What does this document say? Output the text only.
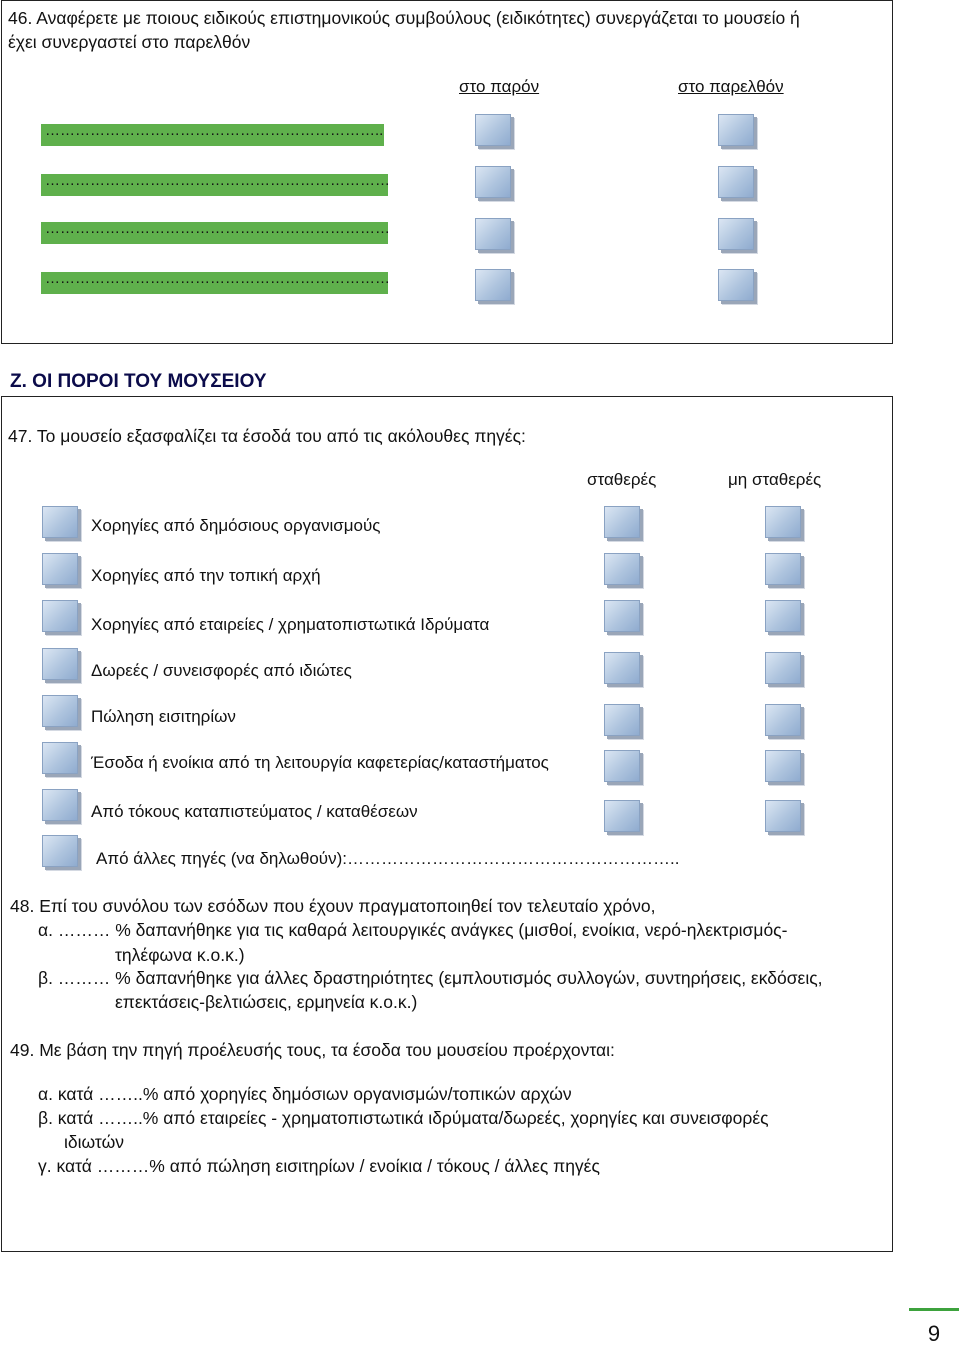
46. Αναφέρετε με ποιους ειδικούς επιστημονικούς συμβούλους (ειδικότητες) συνεργάζεται το μουσείο ή
έχει συνεργαστεί στο παρελθόν
στο παρόν	στο παρελθόν
…………………………………………………………..
……………………………………………………………
……………………………………………………………
……………………………………………………………
Ζ. ΟΙ ΠΟΡΟΙ ΤΟΥ ΜΟΥΣΕΙΟΥ
47. Το μουσείο εξασφαλίζει τα έσοδά του από τις ακόλουθες πηγές:
σταθερές	μη σταθερές
Χορηγίες από δημόσιους οργανισμούς
Χορηγίες από την τοπική αρχή
Χορηγίες από εταιρείες / χρηματοπιστωτικά Ιδρύματα
Δωρεές / συνεισφορές από ιδιώτες
Πώληση εισιτηρίων
Έσοδα ή ενοίκια από τη λειτουργία καφετερίας/καταστήματος
Από τόκους καταπιστεύματος / καταθέσεων
Από άλλες πηγές (να δηλωθούν):…………………………………………………..
48. Επί του συνόλου των εσόδων που έχουν πραγματοποιηθεί τον τελευταίο χρόνο,
α. ……… % δαπανήθηκε για τις καθαρά λειτουργικές ανάγκες (μισθοί, ενοίκια, νερό-ηλεκτρισμός-
τηλέφωνα κ.ο.κ.)
β. ……… % δαπανήθηκε για άλλες δραστηριότητες (εμπλουτισμός συλλογών, συντηρήσεις, εκδόσεις,
επεκτάσεις-βελτιώσεις, ερμηνεία κ.ο.κ.)
49. Με βάση την πηγή προέλευσής τους, τα έσοδα του μουσείου προέρχονται:
α. κατά ……..% από χορηγίες δημόσιων οργανισμών/τοπικών αρχών
β. κατά ……..% από εταιρείες - χρηματοπιστωτικά ιδρύματα/δωρεές, χορηγίες και συνεισφορές
ιδιωτών
γ. κατά ………% από πώληση εισιτηρίων / ενοίκια / τόκους / άλλες πηγές
9
